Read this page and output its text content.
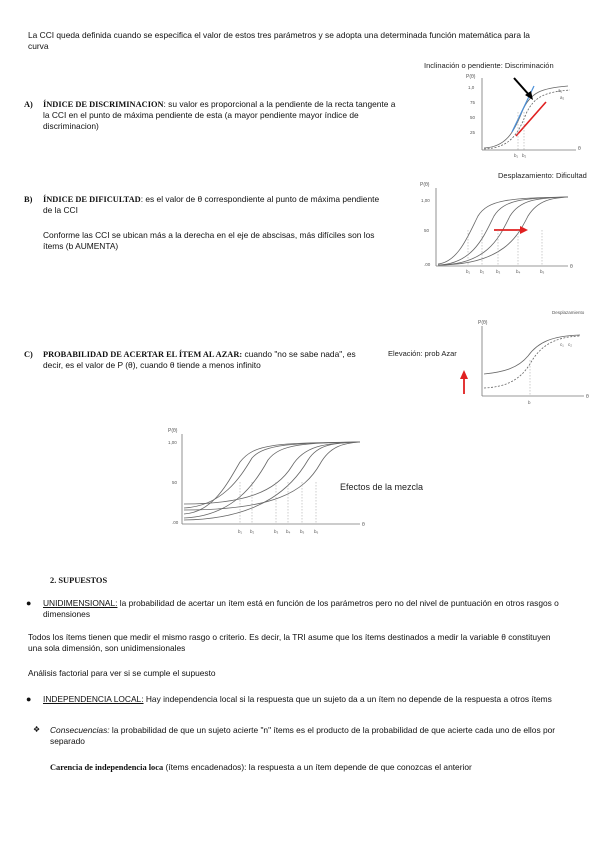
La CCI queda definida cuando se especifica el valor de estos tres parámetros y se adopta una determinada función matemática para la curva
A) ÍNDICE DE DISCRIMINACION: su valor es proporcional a la pendiente de la recta tangente a la CCI en el punto de máxima pendiente de esta (a mayor pendiente mayor índice de discriminacion)
Inclinación o pendiente: Discriminación
P(θ)
θ
1,0
75
50
25
a₁
a₂
b₁ b₂
B) ÍNDICE DE DIFICULTAD: es el valor de θ correspondiente al punto de máxima pendiente de la CCI
Conforme las CCI se ubican más a la derecha en el eje de abscisas, más difíciles son los ítems (b AUMENTA)
Desplazamiento: Dificultad
P(θ)
θ
1,00
50
.00
b₁ b₂	b₃	b₄	b₅
C) PROBABILIDAD DE ACERTAR EL ÍTEM AL AZAR: cuando "no se sabe nada", es decir, es el valor de P (θ), cuando θ tiende a menos infinito
Desplazamiento
P(θ)
θ
Elevación: prob Azar
c₁ c₂
b
P(θ)
θ
1,00
50
.00
b₁ b₂	b₃ b₄ b₅ b₆
Efectos de la mezcla
2. SUPUESTOS
● UNIDIMENSIONAL: la probabilidad de acertar un ítem está en función de los parámetros pero no del nivel de puntuación en otros rasgos o dimensiones
Todos los ítems tienen que medir el mismo rasgo o criterio. Es decir, la TRI asume que los ítems destinados a medir la variable θ constituyen una sola dimensión, son unidimensionales
Análisis factorial para ver si se cumple el supuesto
● INDEPENDENCIA LOCAL: Hay independencia local si la respuesta que un sujeto da a un ítem no depende de la respuesta a otros ítems
❖ Consecuencias: la probabilidad de que un sujeto acierte "n" ítems es el producto de la probabilidad de que acierte cada uno de ellos por separado
Carencia de independencia loca (ítems encadenados): la respuesta a un ítem depende de que conozcas el anterior
